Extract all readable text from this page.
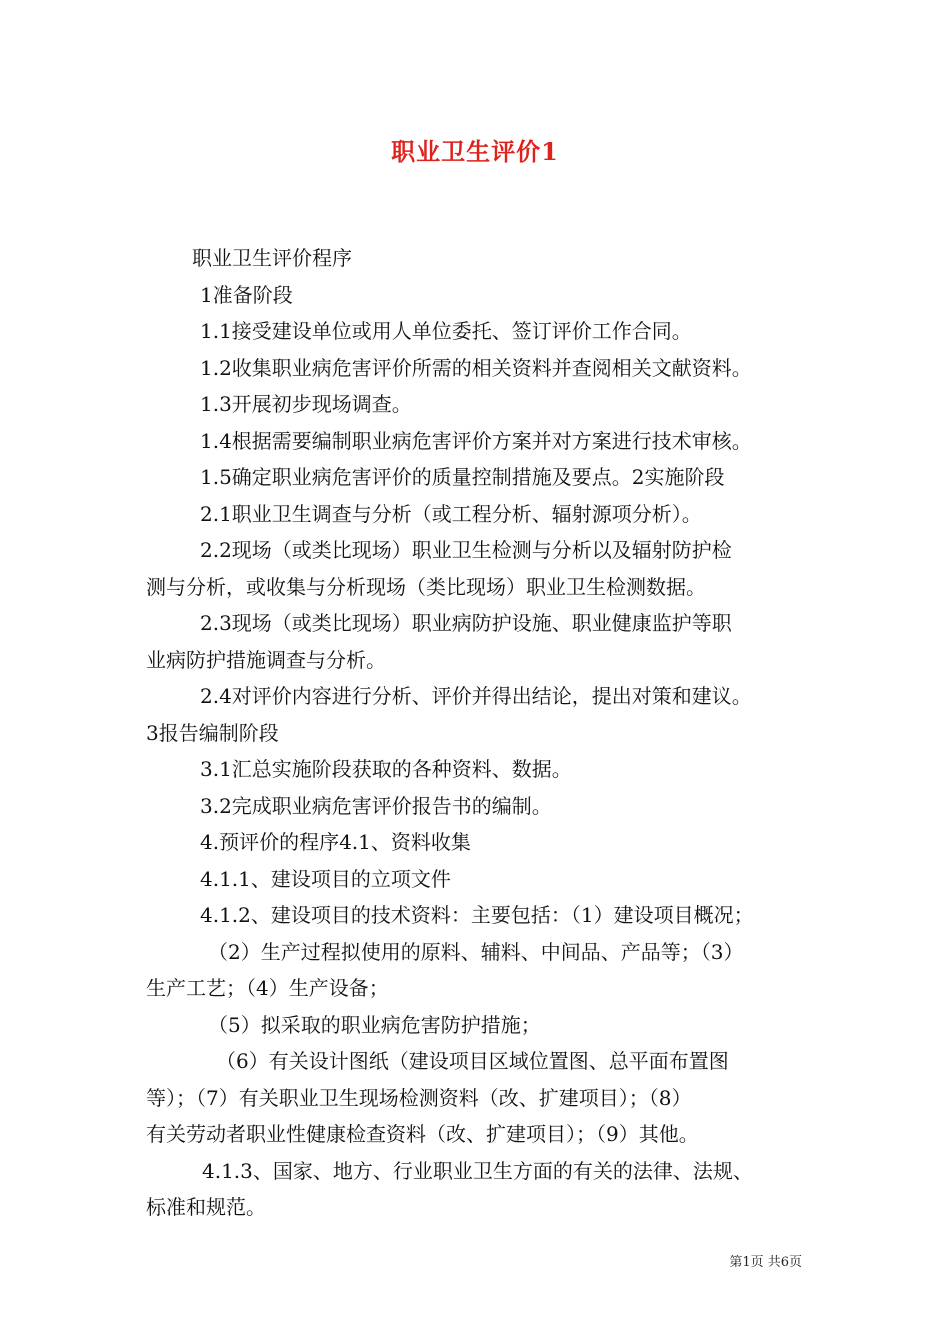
职业卫生评价1
职业卫生评价程序
1准备阶段
1.1接受建设单位或用人单位委托、签订评价工作合同。
1.2收集职业病危害评价所需的相关资料并查阅相关文献资料。
1.3开展初步现场调查。
1.4根据需要编制职业病危害评价方案并对方案进行技术审核。
1.5确定职业病危害评价的质量控制措施及要点。2实施阶段
2.1职业卫生调查与分析（或工程分析、辐射源项分析）。
2.2现场（或类比现场）职业卫生检测与分析以及辐射防护检
测与分析，或收集与分析现场（类比现场）职业卫生检测数据。
2.3现场（或类比现场）职业病防护设施、职业健康监护等职
业病防护措施调查与分析。
2.4对评价内容进行分析、评价并得出结论，提出对策和建议。
3报告编制阶段
3.1汇总实施阶段获取的各种资料、数据。
3.2完成职业病危害评价报告书的编制。
4.预评价的程序4.1、资料收集
4.1.1、建设项目的立项文件
4.1.2、建设项目的技术资料：主要包括：（1）建设项目概况；
（2）生产过程拟使用的原料、辅料、中间品、产品等；（3）
生产工艺；（4）生产设备；
（5）拟采取的职业病危害防护措施；
（6）有关设计图纸（建设项目区域位置图、总平面布置图
等）；（7）有关职业卫生现场检测资料（改、扩建项目）；（8）
有关劳动者职业性健康检查资料（改、扩建项目）；（9）其他。
4.1.3、国家、地方、行业职业卫生方面的有关的法律、法规、
标准和规范。
第1页 共6页
